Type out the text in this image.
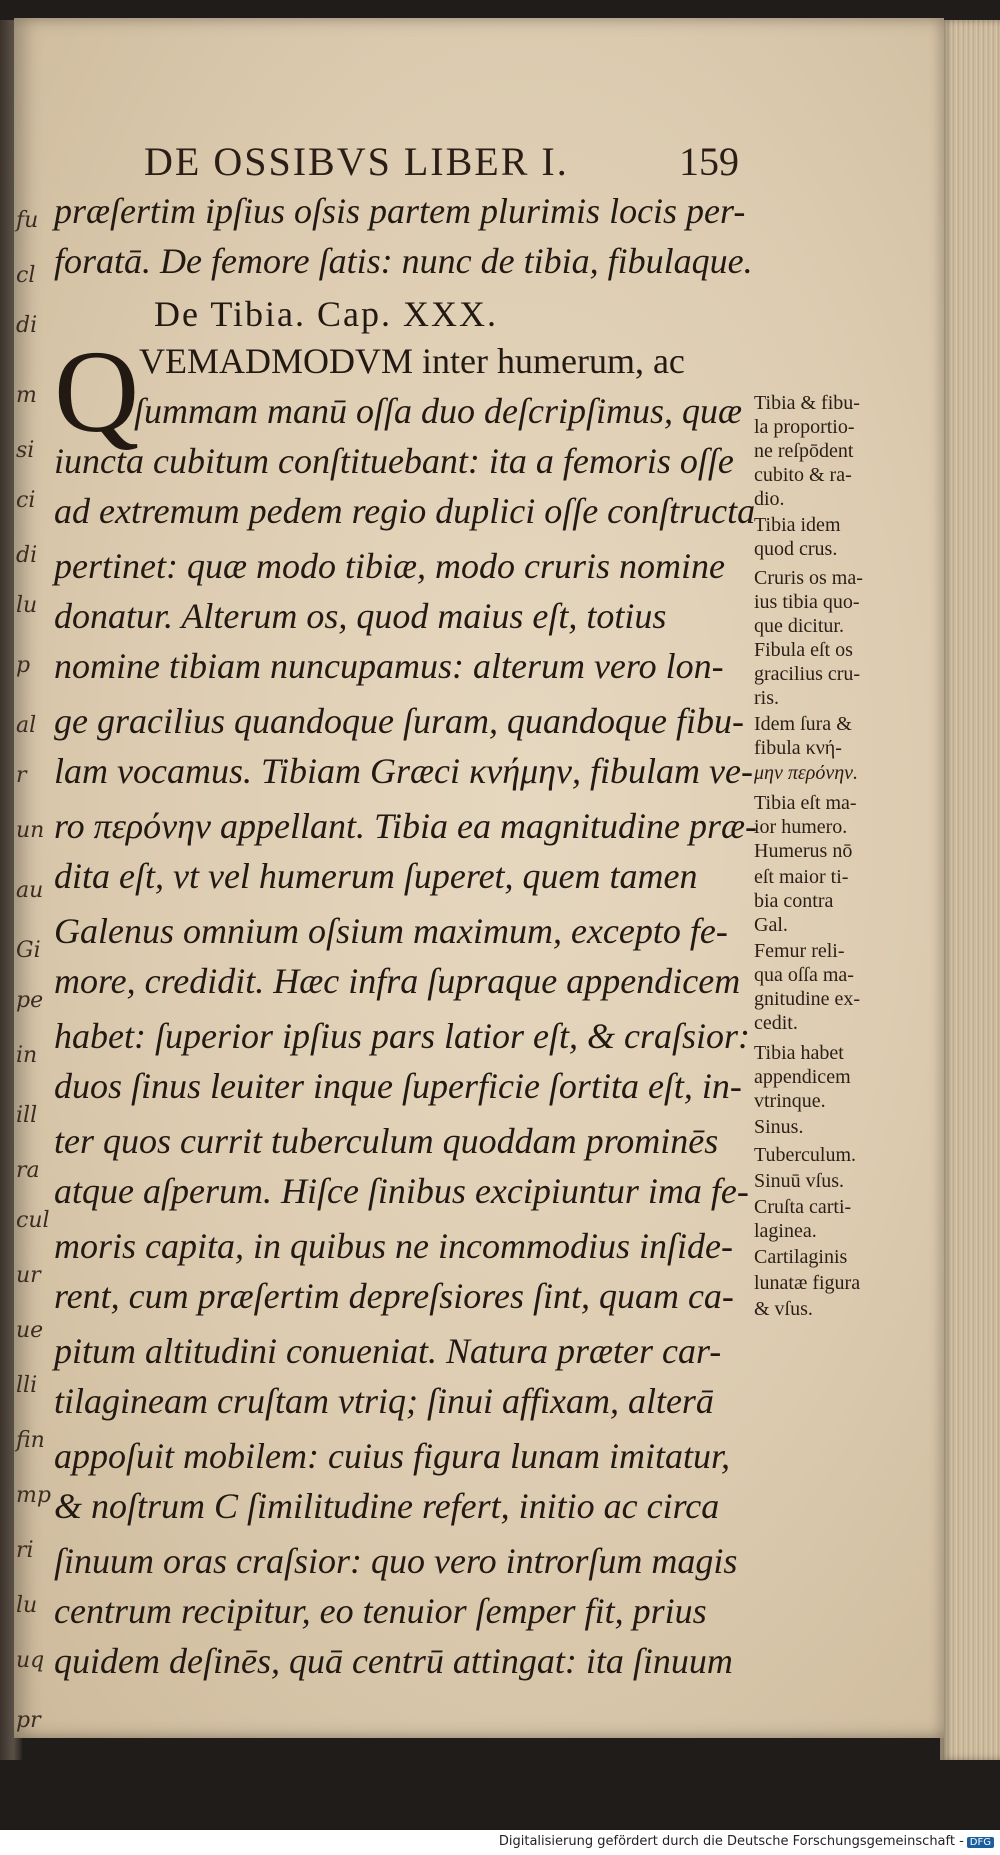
fu
cl
di
m
si
ci
di
lu
p
al
r
un
au
Gi
pe
in
ill
ra
cul
ur
ue
lli
fin
mp
ri
lu
uq
pr
DE OSSIBVS LIBER I.	159
præſertim ipſius oſsis partem plurimis locis per-
foratā. De femore ſatis: nunc de tibia, fibulaque.
De Tibia. Cap. XXX.
Q VEMADMODVM inter humerum, ac
ſummam manū oſſa duo deſcripſimus, quæ
iuncta cubitum conſtituebant: ita a femoris oſſe
ad extremum pedem regio duplici oſſe conſtructa
pertinet: quæ modo tibiæ, modo cruris nomine
donatur. Alterum os, quod maius eſt, totius
nomine tibiam nuncupamus: alterum vero lon-
ge gracilius quandoque ſuram, quandoque fibu-
lam vocamus. Tibiam Græci κνήμην, fibulam ve-
ro περόνην appellant. Tibia ea magnitudine præ-
dita eſt, vt vel humerum ſuperet, quem tamen
Galenus omnium oſsium maximum, excepto fe-
more, credidit. Hæc infra ſupraque appendicem
habet: ſuperior ipſius pars latior eſt, & craſsior:
duos ſinus leuiter inque ſuperficie ſortita eſt, in-
ter quos currit tuberculum quoddam prominēs
atque aſperum. Hiſce ſinibus excipiuntur ima fe-
moris capita, in quibus ne incommodius inſide-
rent, cum præſertim depreſsiores ſint, quam ca-
pitum altitudini conueniat. Natura præter car-
tilagineam cruſtam vtriq; ſinui affixam, alterā
appoſuit mobilem: cuius figura lunam imitatur,
& noſtrum C ſimilitudine refert, initio ac circa
ſinuum oras craſsior: quo vero introrſum magis
centrum recipitur, eo tenuior ſemper fit, prius
quidem deſinēs, quā centrū attingat: ita ſinuum
Tibia & fibu-
la proportio-
ne reſpōdent
cubito & ra-
dio.
Tibia idem
quod crus.
Cruris os ma-
ius tibia quo-
que dicitur.
Fibula eſt os
gracilius cru-
ris.
Idem ſura &
fibula κνή-
μην περόνην.
Tibia eſt ma-
ior humero.
Humerus nō
eſt maior ti-
bia contra
Gal.
Femur reli-
qua oſſa ma-
gnitudine ex-
cedit.
Tibia habet
appendicem
vtrinque.
Sinus.
Tuberculum.
Sinuū vſus.
Cruſta carti-
laginea.
Cartilaginis
lunatæ figura
& vſus.
Digitalisierung gefördert durch die Deutsche Forschungsgemeinschaft - DFG
